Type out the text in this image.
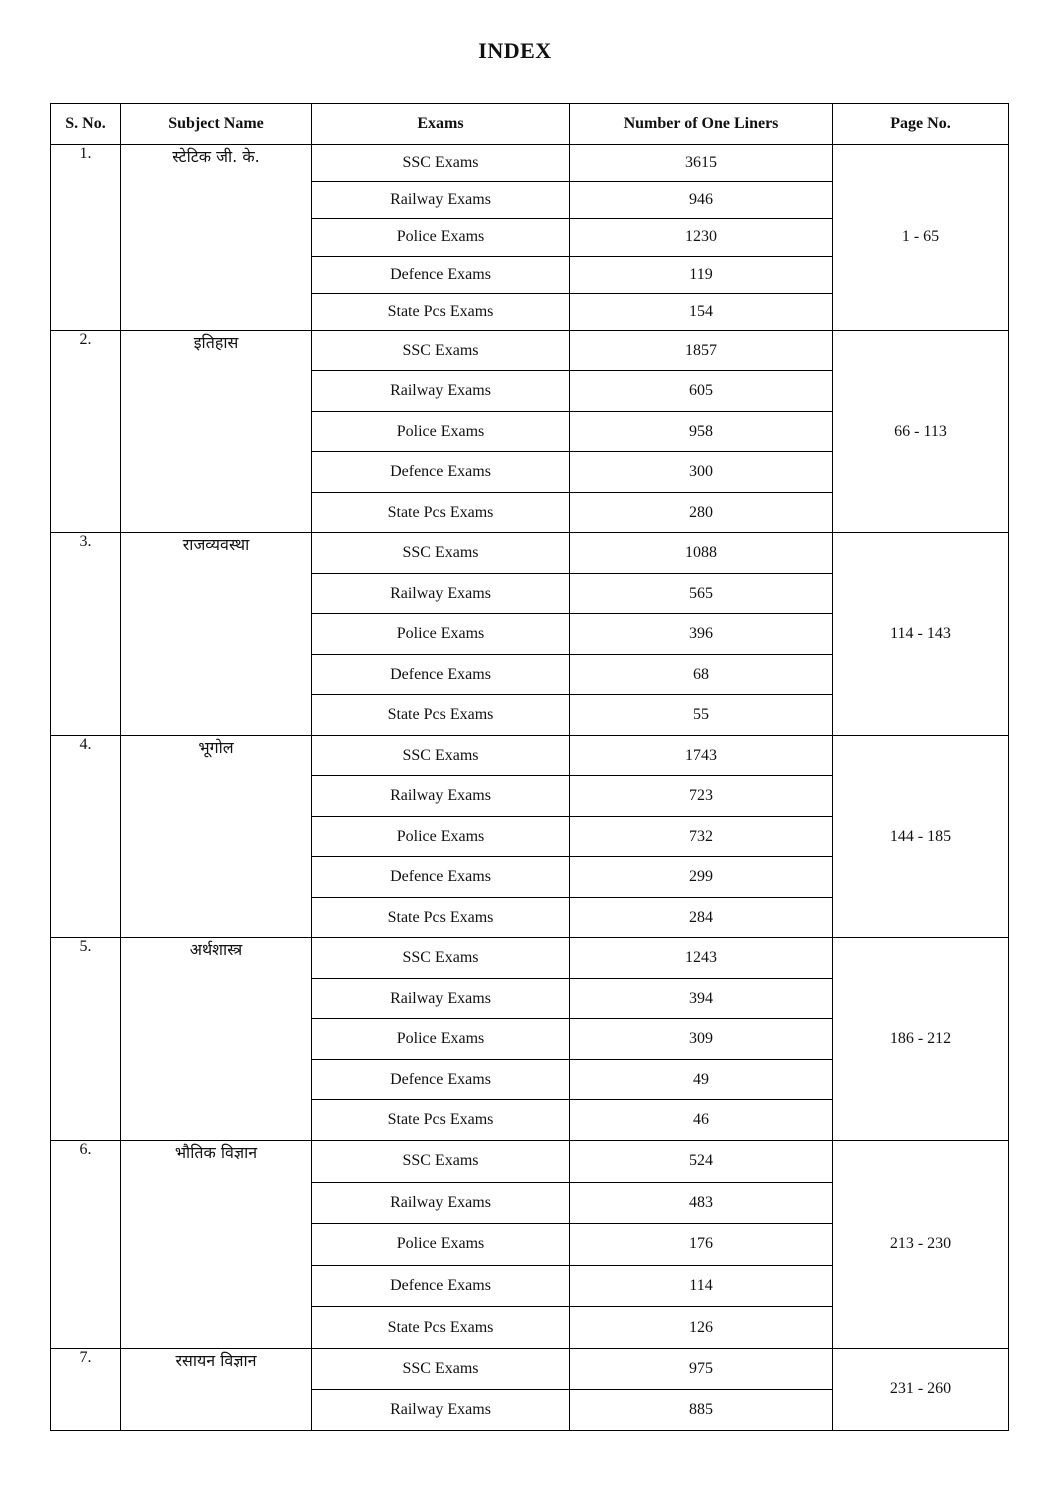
INDEX
S. No.	Subject Name	Exams	Number of One Liners	Page No.
1.	स्टेटिक जी. के.	SSC Exams	3615	1 - 65
		Railway Exams	946	
		Police Exams	1230	
		Defence Exams	119	
		State Pcs Exams	154	
2.	इतिहास	SSC Exams	1857	66 - 113
		Railway Exams	605	
		Police Exams	958	
		Defence Exams	300	
		State Pcs Exams	280	
3.	राजव्यवस्था	SSC Exams	1088	114 - 143
		Railway Exams	565	
		Police Exams	396	
		Defence Exams	68	
		State Pcs Exams	55	
4.	भूगोल	SSC Exams	1743	144 - 185
		Railway Exams	723	
		Police Exams	732	
		Defence Exams	299	
		State Pcs Exams	284	
5.	अर्थशास्त्र	SSC Exams	1243	186 - 212
		Railway Exams	394	
		Police Exams	309	
		Defence Exams	49	
		State Pcs Exams	46	
6.	भौतिक विज्ञान	SSC Exams	524	213 - 230
		Railway Exams	483	
		Police Exams	176	
		Defence Exams	114	
		State Pcs Exams	126	
7.	रसायन विज्ञान	SSC Exams	975	231 - 260
		Railway Exams	885	
